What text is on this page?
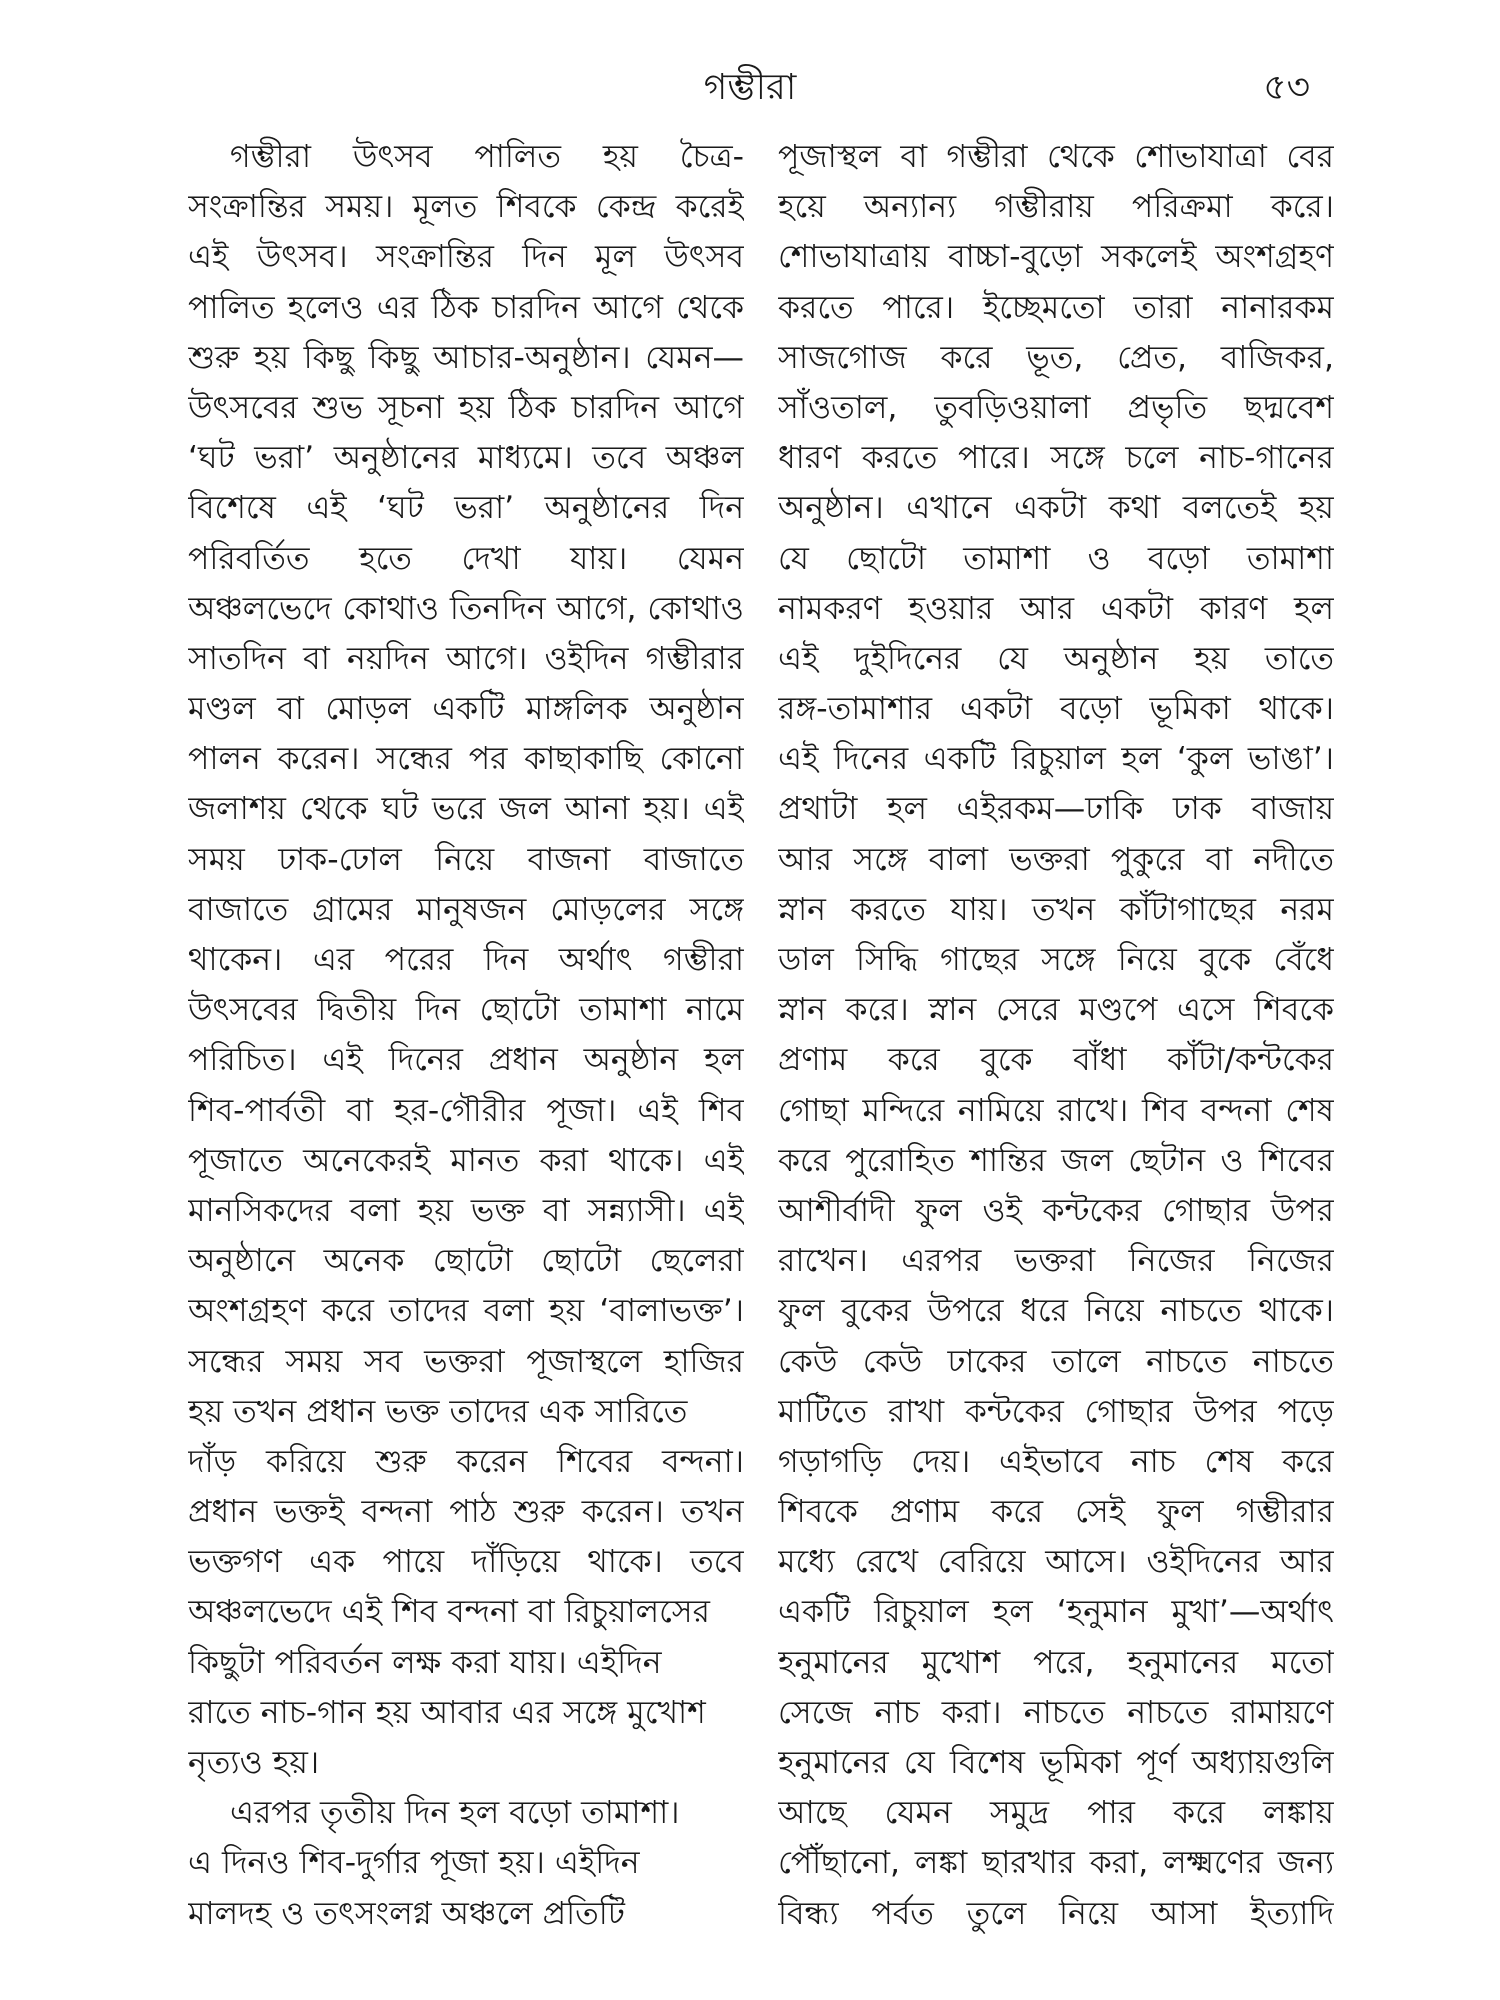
গম্ভীরা	৫৩
গম্ভীরা উৎসব পালিত হয় চৈত্র-
সংক্রান্তির সময়। মূলত শিবকে কেন্দ্র করেই
এই উৎসব। সংক্রান্তির দিন মূল উৎসব
পালিত হলেও এর ঠিক চারদিন আগে থেকে
শুরু হয় কিছু কিছু আচার-অনুষ্ঠান। যেমন—
উৎসবের শুভ সূচনা হয় ঠিক চারদিন আগে
‘ঘট ভরা’ অনুষ্ঠানের মাধ্যমে। তবে অঞ্চল
বিশেষে এই ‘ঘট ভরা’ অনুষ্ঠানের দিন
পরিবর্তিত হতে দেখা যায়। যেমন
অঞ্চলভেদে কোথাও তিনদিন আগে, কোথাও
সাতদিন বা নয়দিন আগে। ওইদিন গম্ভীরার
মণ্ডল বা মোড়ল একটি মাঙ্গলিক অনুষ্ঠান
পালন করেন। সন্ধের পর কাছাকাছি কোনো
জলাশয় থেকে ঘট ভরে জল আনা হয়। এই
সময় ঢাক-ঢোল নিয়ে বাজনা বাজাতে
বাজাতে গ্রামের মানুষজন মোড়লের সঙ্গে
থাকেন। এর পরের দিন অর্থাৎ গম্ভীরা
উৎসবের দ্বিতীয় দিন ছোটো তামাশা নামে
পরিচিত। এই দিনের প্রধান অনুষ্ঠান হল
শিব-পার্বতী বা হর-গৌরীর পূজা। এই শিব
পূজাতে অনেকেরই মানত করা থাকে। এই
মানসিকদের বলা হয় ভক্ত বা সন্ন্যাসী। এই
অনুষ্ঠানে অনেক ছোটো ছোটো ছেলেরা
অংশগ্রহণ করে তাদের বলা হয় ‘বালাভক্ত’।
সন্ধের সময় সব ভক্তরা পূজাস্থলে হাজির
হয় তখন প্রধান ভক্ত তাদের এক সারিতে
দাঁড় করিয়ে শুরু করেন শিবের বন্দনা।
প্রধান ভক্তই বন্দনা পাঠ শুরু করেন। তখন
ভক্তগণ এক পায়ে দাঁড়িয়ে থাকে। তবে
অঞ্চলভেদে এই শিব বন্দনা বা রিচুয়ালসের
কিছুটা পরিবর্তন লক্ষ করা যায়। এইদিন
রাতে নাচ-গান হয় আবার এর সঙ্গে মুখোশ
নৃত্যও হয়।
এরপর তৃতীয় দিন হল বড়ো তামাশা।
এ দিনও শিব-দুর্গার পূজা হয়। এইদিন
মালদহ ও তৎসংলগ্ন অঞ্চলে প্রতিটি
পূজাস্থল বা গম্ভীরা থেকে শোভাযাত্রা বের
হয়ে অন্যান্য গম্ভীরায় পরিক্রমা করে।
শোভাযাত্রায় বাচ্চা-বুড়ো সকলেই অংশগ্রহণ
করতে পারে। ইচ্ছেমতো তারা নানারকম
সাজগোজ করে ভূত, প্রেত, বাজিকর,
সাঁওতাল, তুবড়িওয়ালা প্রভৃতি ছদ্মবেশ
ধারণ করতে পারে। সঙ্গে চলে নাচ-গানের
অনুষ্ঠান। এখানে একটা কথা বলতেই হয়
যে ছোটো তামাশা ও বড়ো তামাশা
নামকরণ হওয়ার আর একটা কারণ হল
এই দুইদিনের যে অনুষ্ঠান হয় তাতে
রঙ্গ-তামাশার একটা বড়ো ভূমিকা থাকে।
এই দিনের একটি রিচুয়াল হল ‘কুল ভাঙা’।
প্রথাটা হল এইরকম—ঢাকি ঢাক বাজায়
আর সঙ্গে বালা ভক্তরা পুকুরে বা নদীতে
স্নান করতে যায়। তখন কাঁটাগাছের নরম
ডাল সিদ্ধি গাছের সঙ্গে নিয়ে বুকে বেঁধে
স্নান করে। স্নান সেরে মণ্ডপে এসে শিবকে
প্রণাম করে বুকে বাঁধা কাঁটা/কন্টকের
গোছা মন্দিরে নামিয়ে রাখে। শিব বন্দনা শেষ
করে পুরোহিত শান্তির জল ছেটান ও শিবের
আশীর্বাদী ফুল ওই কন্টকের গোছার উপর
রাখেন। এরপর ভক্তরা নিজের নিজের
ফুল বুকের উপরে ধরে নিয়ে নাচতে থাকে।
কেউ কেউ ঢাকের তালে নাচতে নাচতে
মাটিতে রাখা কন্টকের গোছার উপর পড়ে
গড়াগড়ি দেয়। এইভাবে নাচ শেষ করে
শিবকে প্রণাম করে সেই ফুল গম্ভীরার
মধ্যে রেখে বেরিয়ে আসে। ওইদিনের আর
একটি রিচুয়াল হল ‘হনুমান মুখা’—অর্থাৎ
হনুমানের মুখোশ পরে, হনুমানের মতো
সেজে নাচ করা। নাচতে নাচতে রামায়ণে
হনুমানের যে বিশেষ ভূমিকা পূর্ণ অধ্যায়গুলি
আছে যেমন সমুদ্র পার করে লঙ্কায়
পৌঁছানো, লঙ্কা ছারখার করা, লক্ষ্মণের জন্য
বিন্ধ্য পর্বত তুলে নিয়ে আসা ইত্যাদি
